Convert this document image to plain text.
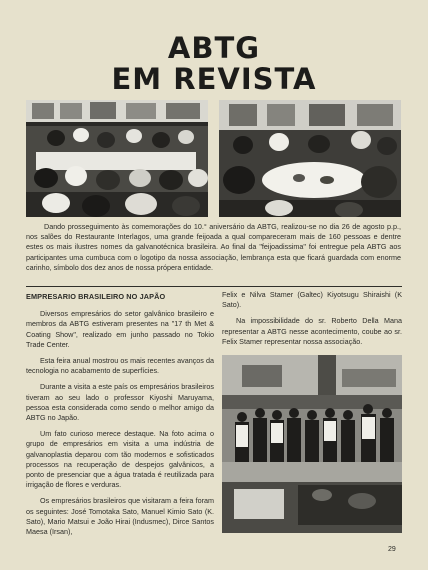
ABTG
EM REVISTA
Dando prosseguimento às comemorações do 10.° aniversário da ABTG, realizou-se no dia 26 de agosto p.p., nos salões do Restaurante Interlagos, uma grande feijoada a qual compareceram mais de 160 pessoas e dentre estes os mais ilustres nomes da galvanotécnica brasileira. Ao final da "feijoadissima" foi entregue pela ABTG aos participantes uma cumbuca com o logotipo da nossa associação, lembrança esta que ficará guardada com enorme carinho, símbolo dos dez anos de nossa própera entidade.
EMPRESARIO BRASILEIRO NO JAPÃO

Diversos empresários do setor galvânico brasileiro e membros da ABTG estiveram presentes na "17 th Met & Coating Show", realizado em junho passado no Tokio Trade Center.

Esta feira anual mostrou os mais recentes avanços da tecnologia no acabamento de superfícies.

Durante a visita a este país os empresários brasileiros tiveram ao seu lado o professor Kiyoshi Maruyama, pessoa esta considerada como sendo o melhor amigo da ABTG no Japão.

Um fato curioso merece destaque. Na foto acima o grupo de empresários em visita a uma indústria de galvanoplastia deparou com tão modernos e sofisticados processos na recuperação de despejos galvânicos, a ponto de presenciar que a água tratada é reutilizada para irrigação de flores e verduras.

Os empresários brasileiros que visitaram a feira foram os seguintes: José Tomotaka Sato, Manuel Kimio Sato (K. Sato), Mario Matsui e João Hirai (Indusmec), Dirce Santos Maesa (Irsan),

Felix e Nilva Stamer (Galtec) Kiyotsugu Shiraishi (K Sato).

Na impossibilidade do sr. Roberto Della Mana representar a ABTG nesse acontecimento, coube ao sr. Felix Stamer representar nossa associação.

29
